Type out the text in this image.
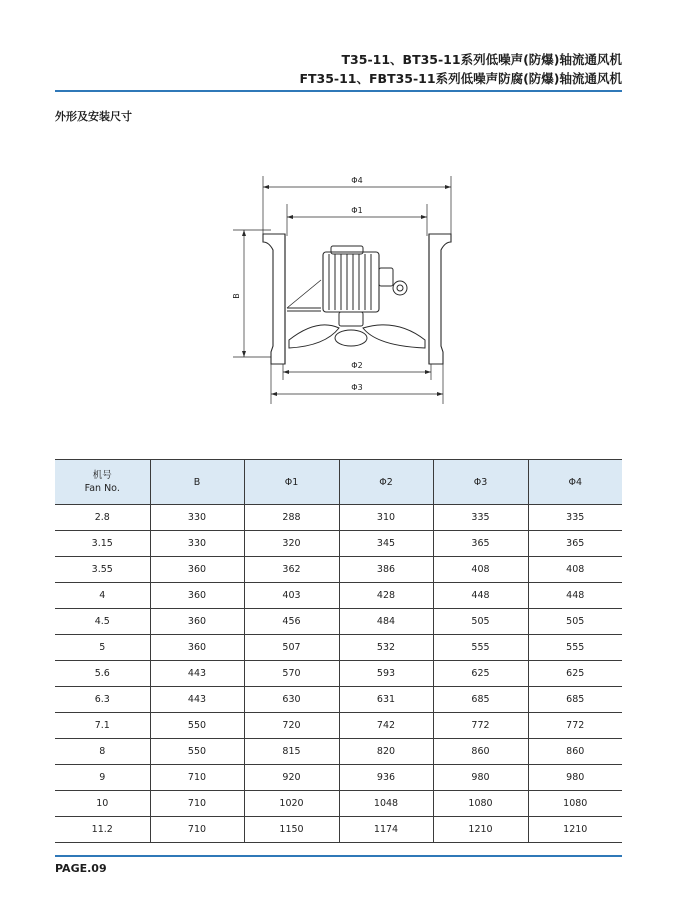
T35-11、BT35-11系列低噪声(防爆)轴流通风机
FT35-11、FBT35-11系列低噪声防腐(防爆)轴流通风机
外形及安装尺寸
Φ4
Φ1
Φ2
Φ3
B
机号
Fan No.	B	Φ1	Φ2	Φ3	Φ4
2.8	330	288	310	335	335
3.15	330	320	345	365	365
3.55	360	362	386	408	408
4	360	403	428	448	448
4.5	360	456	484	505	505
5	360	507	532	555	555
5.6	443	570	593	625	625
6.3	443	630	631	685	685
7.1	550	720	742	772	772
8	550	815	820	860	860
9	710	920	936	980	980
10	710	1020	1048	1080	1080
11.2	710	1150	1174	1210	1210
PAGE.09
